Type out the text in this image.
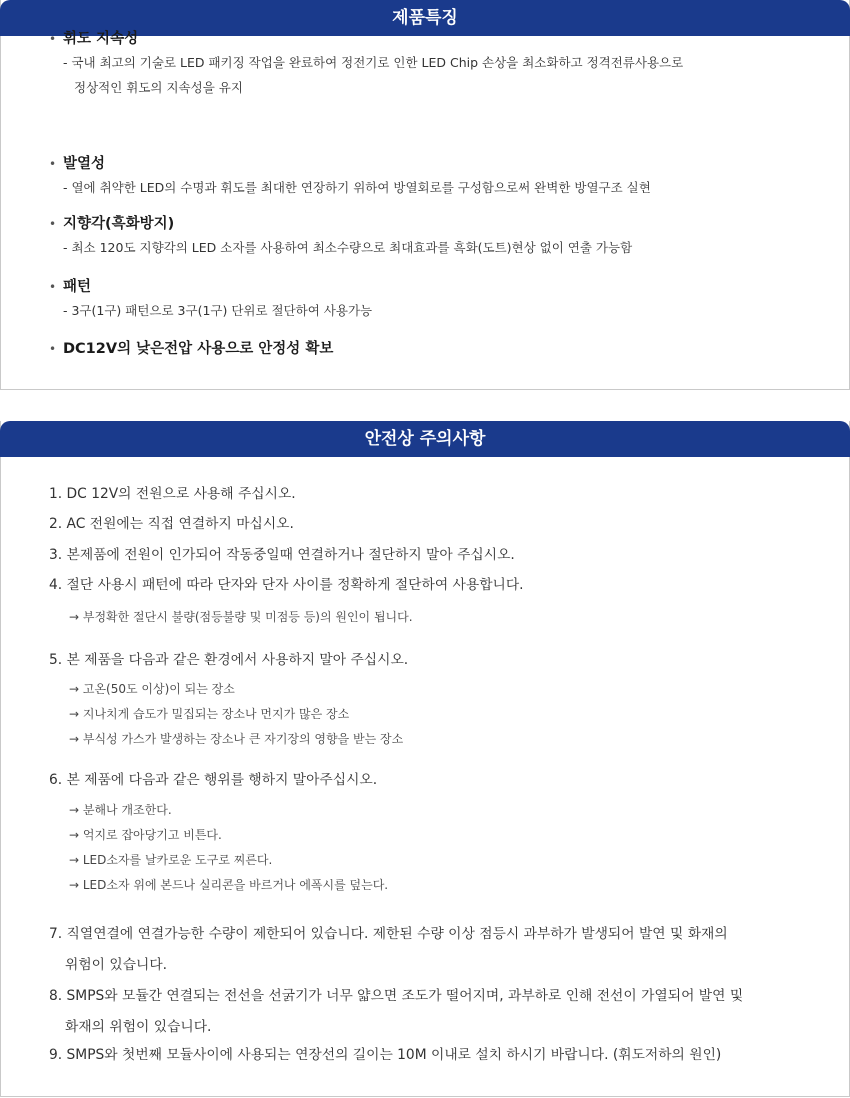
제품특징
• 휘도 지속성
- 국내 최고의 기술로 LED 패키징 작업을 완료하여 정전기로 인한 LED Chip 손상을 최소화하고 정격전류사용으로
정상적인 휘도의 지속성을 유지
• 발열성
- 열에 취약한 LED의 수명과 휘도를 최대한 연장하기 위하여 방열회로를 구성함으로써 완벽한 방열구조 실현
• 지향각(흑화방지)
- 최소 120도 지향각의 LED 소자를 사용하여 최소수량으로 최대효과를 흑화(도트)현상 없이 연출 가능함
• 패턴
- 3구(1구) 패턴으로 3구(1구) 단위로 절단하여 사용가능
• DC12V의 낮은전압 사용으로 안정성 확보
안전상 주의사항
1. DC 12V의 전원으로 사용해 주십시오.
2. AC 전원에는 직접 연결하지 마십시오.
3. 본제품에 전원이 인가되어 작동중일때 연결하거나 절단하지 말아 주십시오.
4. 절단 사용시 패턴에 따라 단자와 단자 사이를 정확하게 절단하여 사용합니다.
→ 부정확한 절단시 불량(점등불량 및 미점등 등)의 원인이 됩니다.
5. 본 제품을 다음과 같은 환경에서 사용하지 말아 주십시오.
→ 고온(50도 이상)이 되는 장소
→ 지나치게 습도가 밀집되는 장소나 먼지가 많은 장소
→ 부식성 가스가 발생하는 장소나 큰 자기장의 영향을 받는 장소
6. 본 제품에 다음과 같은 행위를 행하지 말아주십시오.
→ 분해나 개조한다.
→ 억지로 잡아당기고 비튼다.
→ LED소자를 날카로운 도구로 찌른다.
→ LED소자 위에 본드나 실리콘을 바르거나 에폭시를 덮는다.
7. 직열연결에 연결가능한 수량이 제한되어 있습니다. 제한된 수량 이상 점등시 과부하가 발생되어 발연 및 화재의
위험이 있습니다.
8. SMPS와 모듈간 연결되는 전선을 선굵기가 너무 얇으면 조도가 떨어지며, 과부하로 인해 전선이 가열되어 발연 및
화재의 위험이 있습니다.
9. SMPS와 첫번째 모듈사이에 사용되는 연장선의 길이는 10M 이내로 설치 하시기 바랍니다. (휘도저하의 원인)
